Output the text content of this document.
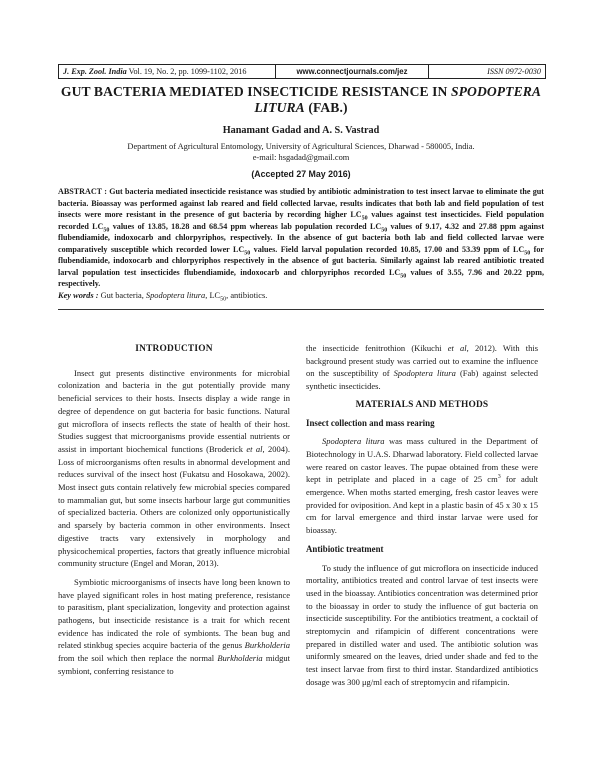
J. Exp. Zool. India Vol. 19, No. 2, pp. 1099-1102, 2016	www.connectjournals.com/jez	ISSN 0972-0030
GUT BACTERIA MEDIATED INSECTICIDE RESISTANCE IN SPODOPTERA LITURA (FAB.)
Hanamant Gadad and A. S. Vastrad
Department of Agricultural Entomology, University of Agricultural Sciences, Dharwad - 580005, India.
e-mail: hsgadad@gmail.com
(Accepted 27 May 2016)
ABSTRACT : Gut bacteria mediated insecticide resistance was studied by antibiotic administration to test insect larvae to eliminate the gut bacteria. Bioassay was performed against lab reared and field collected larvae, results indicates that both lab and field population of test insects were more resistant in the presence of gut bacteria by recording higher $LC_{50}$ values against test insecticides. Field population recorded $LC_{50}$ values of 13.85, 18.28 and 68.54 ppm whereas lab population recorded $LC_{50}$ values of 9.17, 4.32 and 27.88 ppm against flubendiamide, indoxocarb and chlorpyriphos, respectively. In the absence of gut bacteria both lab and field collected larvae were comparatively susceptible which recorded lower $LC_{50}$ values. Field larval population recorded 10.85, 17.00 and 53.39 ppm of $LC_{50}$ for flubendiamide, indoxocarb and chlorpyriphos respectively in the absence of gut bacteria. Similarly against lab reared antibiotic treated larval population test insecticides flubendiamide, indoxocarb and chlorpyriphos recorded $LC_{50}$ values of 3.55, 7.96 and 20.22 ppm, respectively.
Key words : Gut bacteria, Spodoptera litura, $LC_{50}$, antibiotics.
INTRODUCTION

Insect gut presents distinctive environments for microbial colonization and bacteria in the gut potentially provide many beneficial services to their hosts. Insects display a wide range in degree of dependence on gut bacteria for basic functions. Natural gut microflora of insects reflects the state of health of their host. Studies suggest that microorganisms provide essential nutrients or assist in important biochemical functions (Broderick et al, 2004). Loss of microorganisms often results in abnormal development and reduces survival of the insect host (Fukatsu and Hosokawa, 2002). Most insect guts contain relatively few microbial species compared to mammalian gut, but some insects harbour large gut communities of specialized bacteria. Others are colonized only opportunistically and sparsely by bacteria common in other environments. Insect digestive tracts vary extensively in morphology and physicochemical properties, factors that greatly influence microbial community structure (Engel and Moran, 2013).

Symbiotic microorganisms of insects have long been known to have played significant roles in host mating preference, resistance to parasitism, plant specialization, longevity and protection against pathogens, but insecticide resistance is a trait for which recent evidence has indicated the role of symbionts. The bean bug and related stinkbug species acquire bacteria of the genus Burkholderia from the soil which then replace the normal Burkholderia midgut symbiont, conferring resistance to

the insecticide fenitrothion (Kikuchi et al, 2012). With this background present study was carried out to examine the influence on the susceptibility of Spodoptera litura (Fab) against selected synthetic insecticides.

MATERIALS AND METHODS
Insect collection and mass rearing

Spodoptera litura was mass cultured in the Department of Biotechnology in U.A.S. Dharwad laboratory. Field collected larvae were reared on castor leaves. The pupae obtained from these were kept in petriplate and placed in a cage of 25 $cm^3$ for adult emergence. When moths started emerging, fresh castor leaves were provided for oviposition. And kept in a plastic basin of 45 x 30 x 15 cm for larval emergence and third instar larvae were used for bioassay.

Antibiotic treatment

To study the influence of gut microflora on insecticide induced mortality, antibiotics treated and control larvae of test insects were used in the bioassay. Antibiotics concentration was determined prior to the bioassay in order to study the influence of gut bacteria on insecticide susceptibility. For the antibiotics treatment, a cocktail of streptomycin and rifampicin of different concentrations were prepared in distilled water and used. The antibiotic solution was uniformly smeared on the leaves, dried under shade and fed to the test insect larvae from first to third instar. Standardized antibiotics dosage was 300 μg/ml each of streptomycin and rifampicin.
